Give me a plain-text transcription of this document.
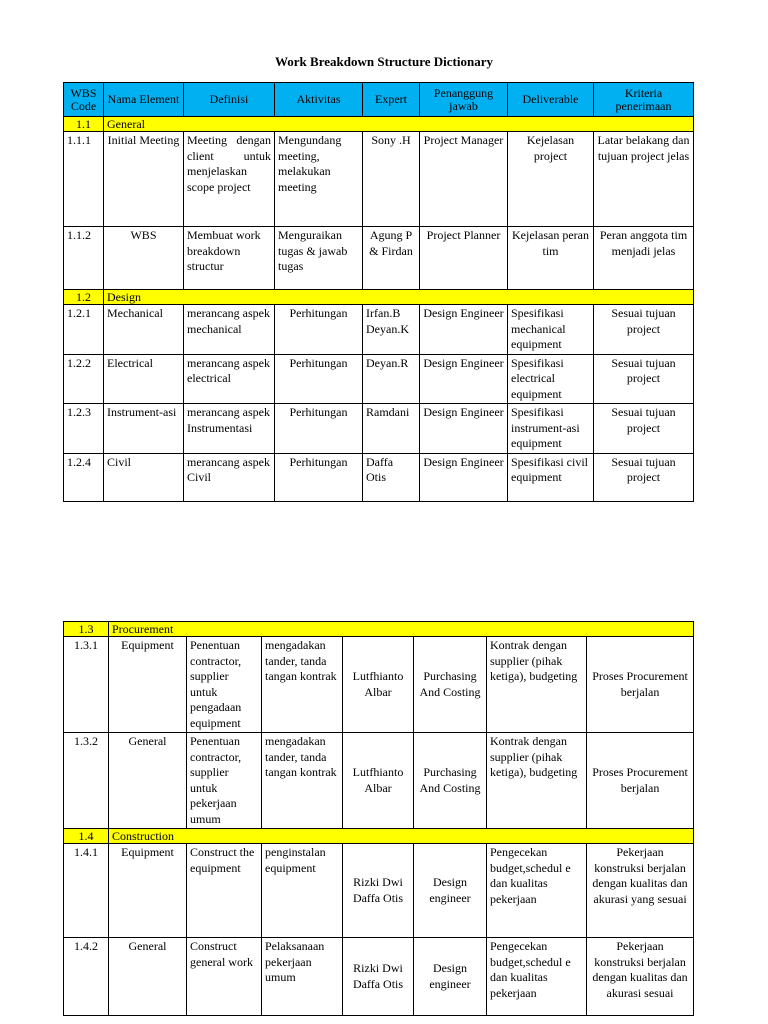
Work Breakdown Structure Dictionary
WBS Code	Nama Element	Definisi	Aktivitas	Expert	Penanggung jawab	Deliverable	Kriteria penerimaan
1.1	General						
1.1.1	Initial Meeting	Meeting dengan client untuk menjelaskan scope project	Mengundang meeting, melakukan meeting	Sony .H	Project Manager	Kejelasan project	Latar belakang dan tujuan project jelas
1.1.2	WBS	Membuat work breakdown structur	Menguraikan tugas & jawab tugas	Agung P & Firdan	Project Planner	Kejelasan peran tim	Peran anggota tim menjadi jelas
1.2	Design						
1.2.1	Mechanical	merancang aspek mechanical	Perhitungan	Irfan.B Deyan.K	Design Engineer	Spesifikasi mechanical equipment	Sesuai tujuan project
1.2.2	Electrical	merancang aspek electrical	Perhitungan	Deyan.R	Design Engineer	Spesifikasi electrical equipment	Sesuai tujuan project
1.2.3	Instrument-asi	merancang aspek Instrumentasi	Perhitungan	Ramdani	Design Engineer	Spesifikasi instrument-asi equipment	Sesuai tujuan project
1.2.4	Civil	merancang aspek Civil	Perhitungan	Daffa Otis	Design Engineer	Spesifikasi civil equipment	Sesuai tujuan project
1.3	Procurement						
1.3.1	Equipment	Penentuan contractor, supplier untuk pengadaan equipment	mengadakan tander, tanda tangan kontrak	Lutfhianto Albar	Purchasing And Costing	Kontrak dengan supplier (pihak ketiga), budgeting	Proses Procurement berjalan
1.3.2	General	Penentuan contractor, supplier untuk pekerjaan umum	mengadakan tander, tanda tangan kontrak	Lutfhianto Albar	Purchasing And Costing	Kontrak dengan supplier (pihak ketiga), budgeting	Proses Procurement berjalan
1.4	Construction						
1.4.1	Equipment	Construct the equipment	penginstalan equipment	Rizki Dwi Daffa Otis	Design engineer	Pengecekan budget,schedul e dan kualitas pekerjaan	Pekerjaan konstruksi berjalan dengan kualitas dan akurasi yang sesuai
1.4.2	General	Construct general work	Pelaksanaan pekerjaan umum	Rizki Dwi Daffa Otis	Design engineer	Pengecekan budget,schedul e dan kualitas pekerjaan	Pekerjaan konstruksi berjalan dengan kualitas dan akurasi sesuai
